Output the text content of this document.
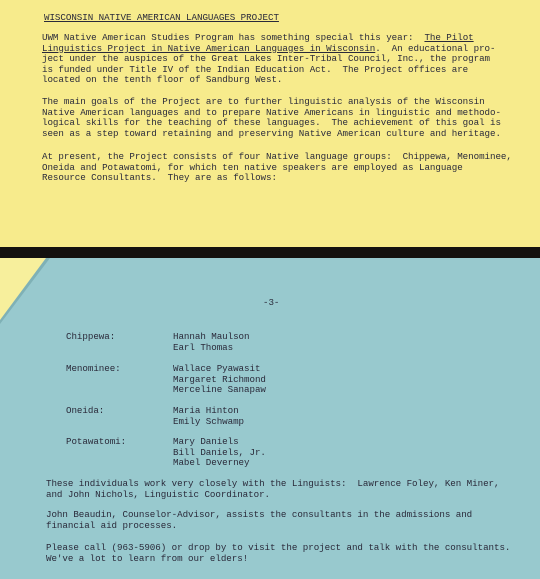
WISCONSIN NATIVE AMERICAN LANGUAGES PROJECT
UWM Native American Studies Program has something special this year:  The Pilot
Linguistics Project in Native American Languages in Wisconsin.  An educational pro-
ject under the auspices of the Great Lakes Inter-Tribal Council, Inc., the program
is funded under Title IV of the Indian Education Act.  The Project offices are
located on the tenth floor of Sandburg West.
The main goals of the Project are to further linguistic analysis of the Wisconsin
Native American languages and to prepare Native Americans in linguistic and methodo-
logical skills for the teaching of these languages.  The achievement of this goal is
seen as a step toward retaining and preserving Native American culture and heritage.
At present, the Project consists of four Native language groups:  Chippewa, Menominee,
Oneida and Potawatomi, for which ten native speakers are employed as Language
Resource Consultants.  They are as follows:
-3-
Chippewa:	Hannah Maulson
Earl Thomas
Menominee:	Wallace Pyawasit
Margaret Richmond
Merceline Sanapaw
Oneida:	Maria Hinton
Emily Schwamp
Potawatomi:	Mary Daniels
Bill Daniels, Jr.
Mabel Deverney
These individuals work very closely with the Linguists:  Lawrence Foley, Ken Miner,
and John Nichols, Linguistic Coordinator.
John Beaudin, Counselor-Advisor, assists the consultants in the admissions and
financial aid processes.
Please call (963-5906) or drop by to visit the project and talk with the consultants.
We've a lot to learn from our elders!
